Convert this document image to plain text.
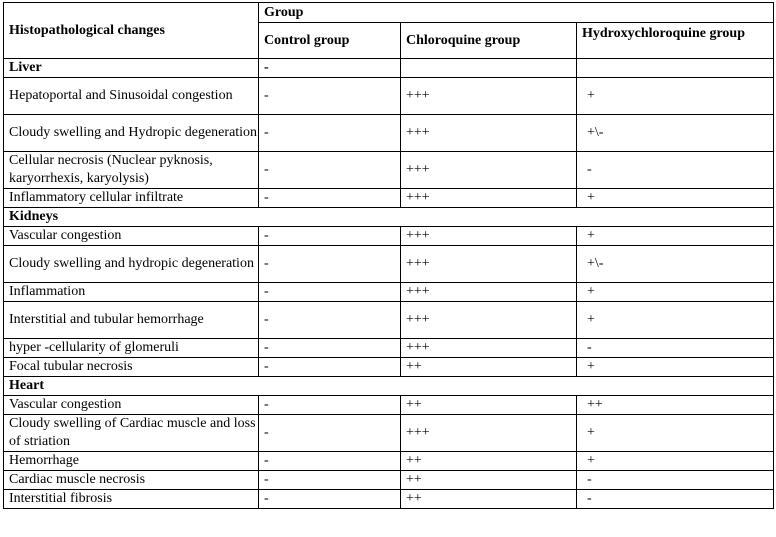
Histopathological changes	Group		
	Control group	Chloroquine group	Hydroxychloroquine group
Liver	-		
Hepatoportal and Sinusoidal congestion	-	+++	+
Cloudy swelling and Hydropic degeneration	-	+++	+\-
Cellular necrosis (Nuclear pyknosis, karyorrhexis, karyolysis)	-	+++	-
Inflammatory cellular infiltrate	-	+++	+
Kidneys			
Vascular congestion	-	+++	+
Cloudy swelling and hydropic degeneration	-	+++	+\-
Inflammation	-	+++	+
Interstitial and tubular hemorrhage	-	+++	+
hyper -cellularity of glomeruli	-	+++	-
Focal tubular necrosis	-	++	+
Heart			
Vascular congestion	-	++	++
Cloudy swelling of Cardiac muscle and loss of striation	-	+++	+
Hemorrhage	-	++	+
Cardiac muscle necrosis	-	++	-
Interstitial fibrosis	-	++	-
